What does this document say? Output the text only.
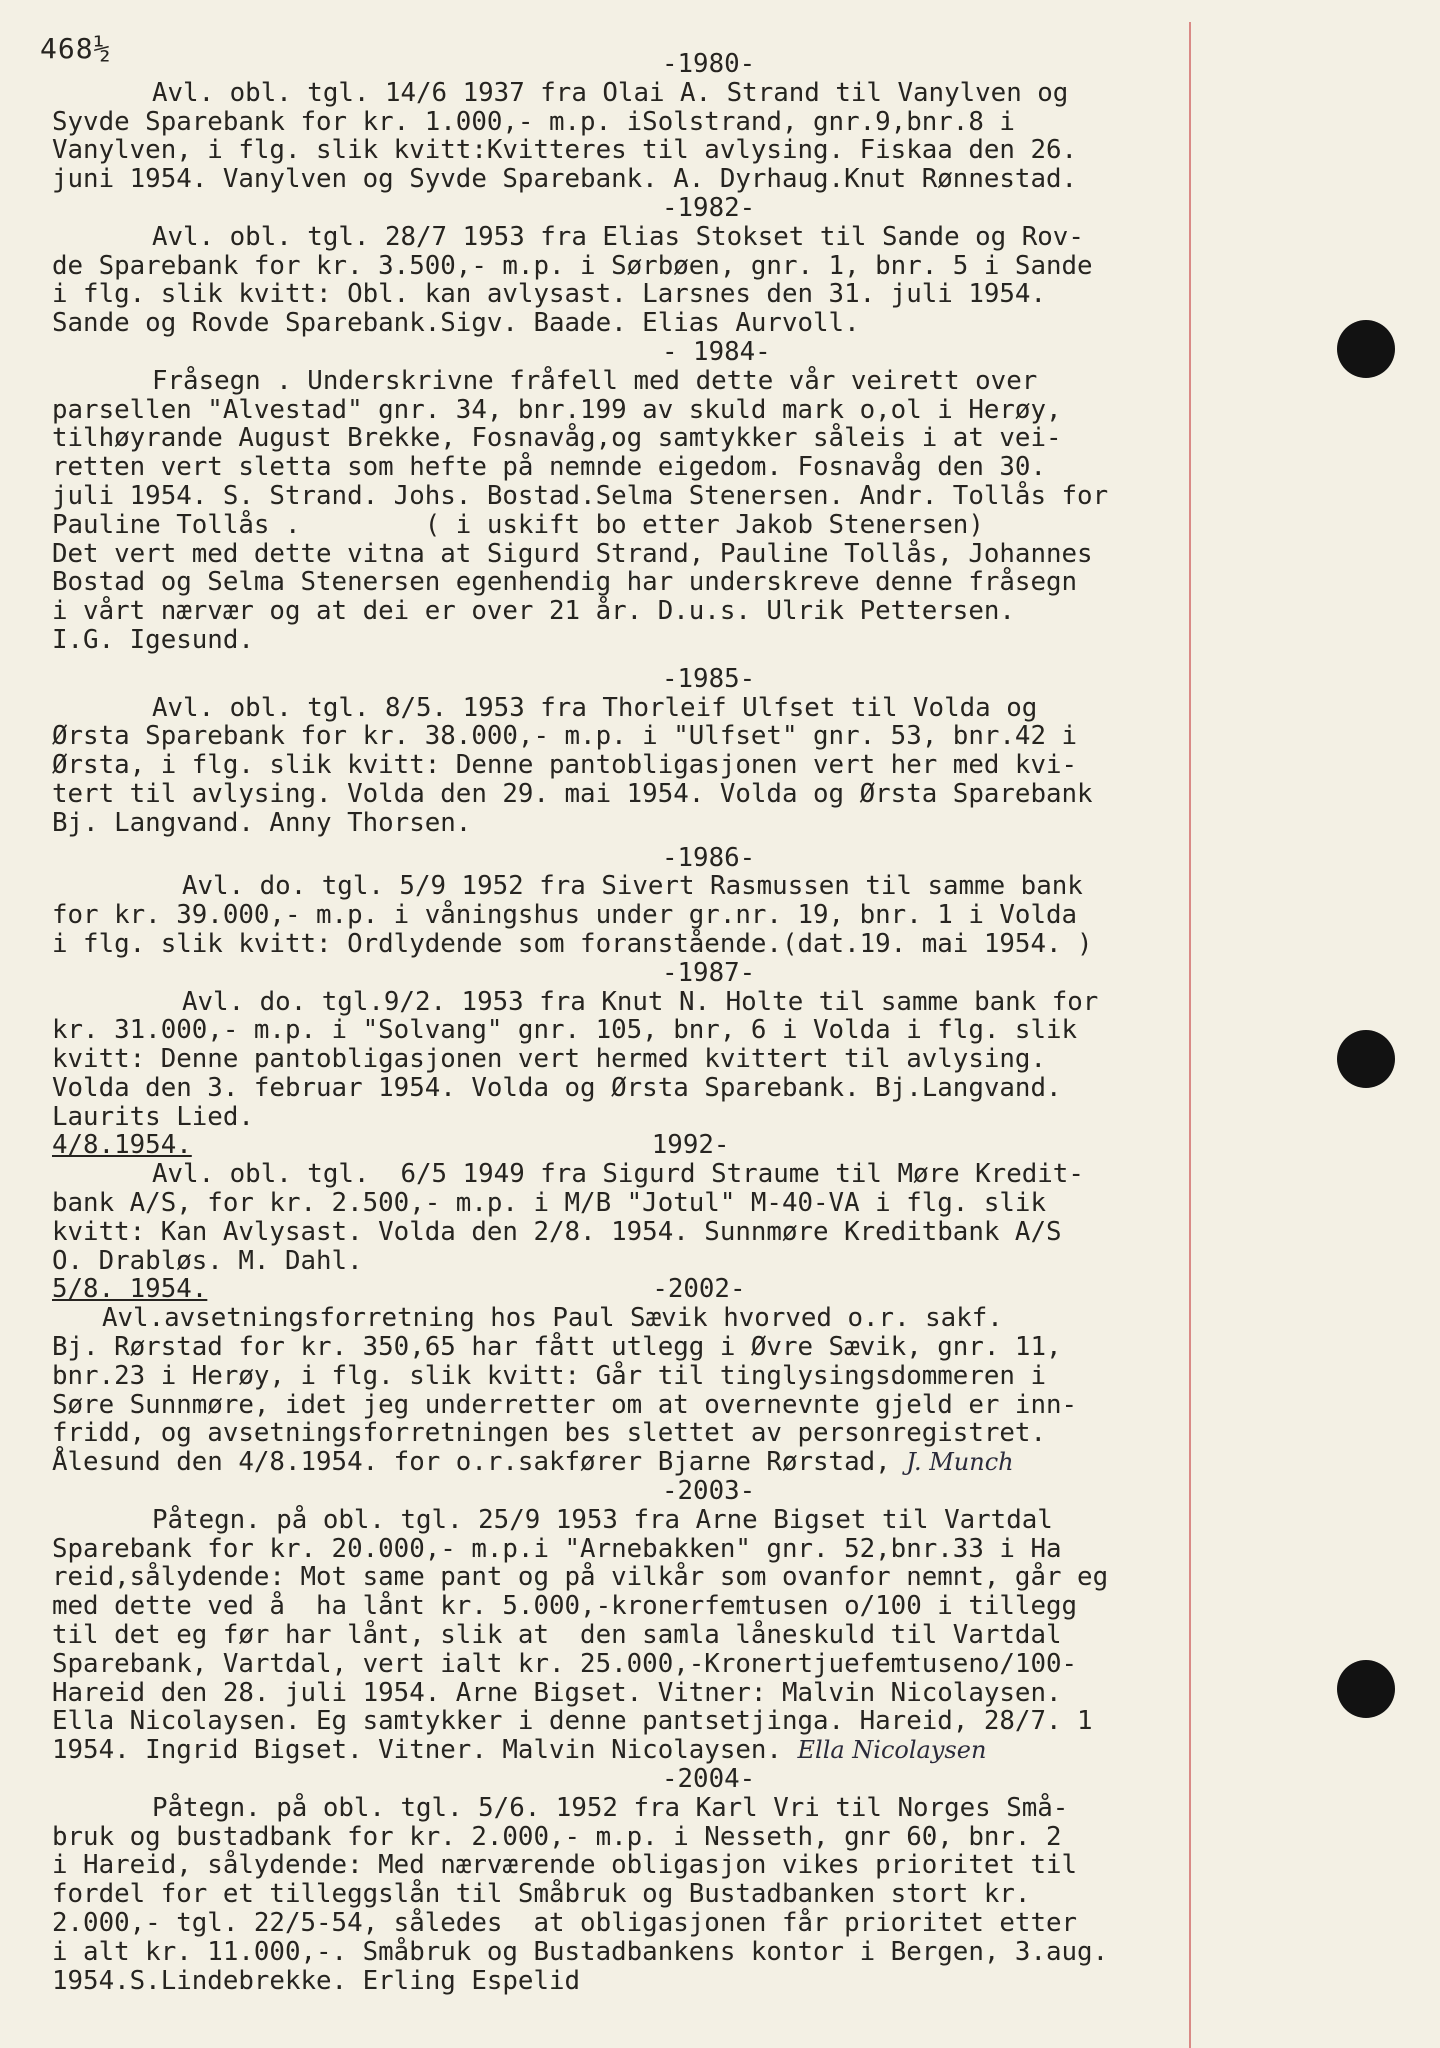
468½	-1980-
Avl. obl. tgl. 14/6 1937 fra Olai A. Strand til Vanylven og
Syvde Sparebank for kr. 1.000,- m.p. iSolstrand, gnr.9,bnr.8 i
Vanylven, i flg. slik kvitt:Kvitteres til avlysing. Fiskaa den 26.
juni 1954. Vanylven og Syvde Sparebank. A. Dyrhaug.Knut Rønnestad.
-1982-
Avl. obl. tgl. 28/7 1953 fra Elias Stokset til Sande og Rov-
de Sparebank for kr. 3.500,- m.p. i Sørbøen, gnr. 1, bnr. 5 i Sande
i flg. slik kvitt: Obl. kan avlysast. Larsnes den 31. juli 1954.
Sande og Rovde Sparebank.Sigv. Baade. Elias Aurvoll.
- 1984-
Fråsegn . Underskrivne fråfell med dette vår veirett over
parsellen "Alvestad" gnr. 34, bnr.199 av skuld mark o,ol i Herøy,
tilhøyrande August Brekke, Fosnavåg,og samtykker såleis i at vei-
retten vert sletta som hefte på nemnde eigedom. Fosnavåg den 30.
juli 1954. S. Strand. Johs. Bostad.Selma Stenersen. Andr. Tollås for
Pauline Tollås .        ( i uskift bo etter Jakob Stenersen)
Det vert med dette vitna at Sigurd Strand, Pauline Tollås, Johannes
Bostad og Selma Stenersen egenhendig har underskreve denne fråsegn
i vårt nærvær og at dei er over 21 år. D.u.s. Ulrik Pettersen.
I.G. Igesund.
-1985-
Avl. obl. tgl. 8/5. 1953 fra Thorleif Ulfset til Volda og
Ørsta Sparebank for kr. 38.000,- m.p. i "Ulfset" gnr. 53, bnr.42 i
Ørsta, i flg. slik kvitt: Denne pantobligasjonen vert her med kvi-
tert til avlysing. Volda den 29. mai 1954. Volda og Ørsta Sparebank
Bj. Langvand. Anny Thorsen.
-1986-
Avl. do. tgl. 5/9 1952 fra Sivert Rasmussen til samme bank
for kr. 39.000,- m.p. i våningshus under gr.nr. 19, bnr. 1 i Volda
i flg. slik kvitt: Ordlydende som foranstående.(dat.19. mai 1954. )
-1987-
Avl. do. tgl.9/2. 1953 fra Knut N. Holte til samme bank for
kr. 31.000,- m.p. i "Solvang" gnr. 105, bnr, 6 i Volda i flg. slik
kvitt: Denne pantobligasjonen vert hermed kvittert til avlysing.
Volda den 3. februar 1954. Volda og Ørsta Sparebank. Bj.Langvand.
Laurits Lied.
4/8.1954.	1992-
Avl. obl. tgl.  6/5 1949 fra Sigurd Straume til Møre Kredit-
bank A/S, for kr. 2.500,- m.p. i M/B "Jotul" M-40-VA i flg. slik
kvitt: Kan Avlysast. Volda den 2/8. 1954. Sunnmøre Kreditbank A/S
O. Drabløs. M. Dahl.
5/8. 1954.	-2002-
Avl.avsetningsforretning hos Paul Sævik hvorved o.r. sakf.
Bj. Rørstad for kr. 350,65 har fått utlegg i Øvre Sævik, gnr. 11,
bnr.23 i Herøy, i flg. slik kvitt: Går til tinglysingsdommeren i
Søre Sunnmøre, idet jeg underretter om at overnevnte gjeld er inn-
fridd, og avsetningsforretningen bes slettet av personregistret.
Ålesund den 4/8.1954. for o.r.sakfører Bjarne Rørstad, J. Munch
-2003-
Påtegn. på obl. tgl. 25/9 1953 fra Arne Bigset til Vartdal
Sparebank for kr. 20.000,- m.p.i "Arnebakken" gnr. 52,bnr.33 i Ha
reid,sålydende: Mot same pant og på vilkår som ovanfor nemnt, går eg
med dette ved å  ha lånt kr. 5.000,-kronerfemtusen o/100 i tillegg
til det eg før har lånt, slik at  den samla låneskuld til Vartdal
Sparebank, Vartdal, vert ialt kr. 25.000,-Kronertjuefemtuseno/100-
Hareid den 28. juli 1954. Arne Bigset. Vitner: Malvin Nicolaysen.
Ella Nicolaysen. Eg samtykker i denne pantsetjinga. Hareid, 28/7. 1
1954. Ingrid Bigset. Vitner. Malvin Nicolaysen. Ella Nicolaysen
-2004-
Påtegn. på obl. tgl. 5/6. 1952 fra Karl Vri til Norges Små-
bruk og bustadbank for kr. 2.000,- m.p. i Nesseth, gnr 60, bnr. 2
i Hareid, sålydende: Med nærværende obligasjon vikes prioritet til
fordel for et tilleggslån til Småbruk og Bustadbanken stort kr.
2.000,- tgl. 22/5-54, således  at obligasjonen får prioritet etter
i alt kr. 11.000,-. Småbruk og Bustadbankens kontor i Bergen, 3.aug.
1954.S.Lindebrekke. Erling Espelid
